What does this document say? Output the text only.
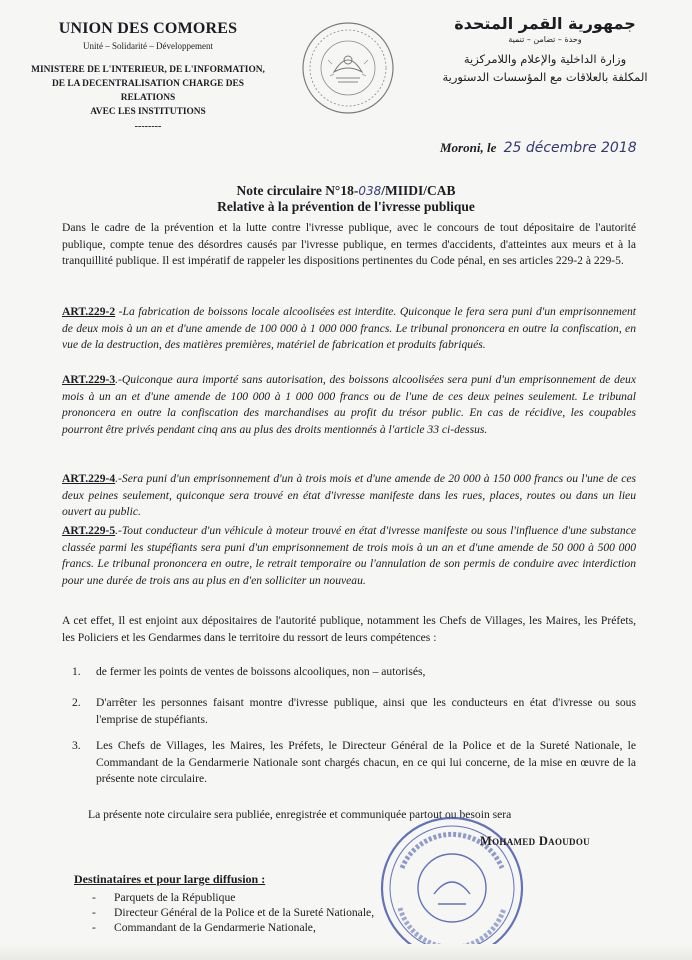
UNION DES COMORES
Unité – Solidarité – Développement
MINISTERE DE L'INTERIEUR, DE L'INFORMATION,
DE LA DECENTRALISATION CHARGE DES RELATIONS
AVEC LES INSTITUTIONS
--------
جمهورية القمر المتحدة
وحدة – تضامن – تنمية
وزارة الداخلية والإعلام واللامركزية
المكلفة بالعلاقات مع المؤسسات الدستورية
Moroni, le 25 décembre 2018
Note circulaire N°18-038/MIIDI/CAB
Relative à la prévention de l'ivresse publique
Dans le cadre de la prévention et la lutte contre l'ivresse publique, avec le concours de tout dépositaire de l'autorité publique, compte tenue des désordres causés par l'ivresse publique, en termes d'accidents, d'atteintes aux meurs et à la tranquillité publique. Il est impératif de rappeler les dispositions pertinentes du Code pénal, en ses articles 229-2 à 229-5.
ART.229-2 -La fabrication de boissons locale alcoolisées est interdite. Quiconque le fera sera puni d'un emprisonnement de deux mois à un an et d'une amende de 100 000 à 1 000 000 francs. Le tribunal prononcera en outre la confiscation, en vue de la destruction, des matières premières, matériel de fabrication et produits fabriqués.
ART.229-3.-Quiconque aura importé sans autorisation, des boissons alcoolisées sera puni d'un emprisonnement de deux mois à un an et d'une amende de 100 000 à 1 000 000 francs ou de l'une de ces deux peines seulement. Le tribunal prononcera en outre la confiscation des marchandises au profit du trésor public. En cas de récidive, les coupables pourront être privés pendant cinq ans au plus des droits mentionnés à l'article 33 ci-dessus.
ART.229-4.-Sera puni d'un emprisonnement d'un à trois mois et d'une amende de 20 000 à 150 000 francs ou l'une de ces deux peines seulement, quiconque sera trouvé en état d'ivresse manifeste dans les rues, places, routes ou dans un lieu ouvert au public.
ART.229-5.-Tout conducteur d'un véhicule à moteur trouvé en état d'ivresse manifeste ou sous l'influence d'une substance classée parmi les stupéfiants sera puni d'un emprisonnement de trois mois à un an et d'une amende de 50 000 à 500 000 francs. Le tribunal prononcera en outre, le retrait temporaire ou l'annulation de son permis de conduire avec interdiction pour une durée de trois ans au plus en d'en solliciter un nouveau.
A cet effet, Il est enjoint aux dépositaires de l'autorité publique, notamment les Chefs de Villages, les Maires, les Préfets, les Policiers et les Gendarmes dans le territoire du ressort de leurs compétences :
1.	de fermer les points de ventes de boissons alcooliques, non – autorisés,
2.	D'arrêter les personnes faisant montre d'ivresse publique, ainsi que les conducteurs en état d'ivresse ou sous l'emprise de stupéfiants.
3.	Les Chefs de Villages, les Maires, les Préfets, le Directeur Général de la Police et de la Sureté Nationale, le Commandant de la Gendarmerie Nationale sont chargés chacun, en ce qui lui concerne, de la mise en œuvre de la présente note circulaire.
La présente note circulaire sera publiée, enregistrée et communiquée partout ou besoin sera
Mohamed Daoudou
Destinataires et pour large diffusion :
-	Parquets de la République
-	Directeur Général de la Police et de la Sureté Nationale,
-	Commandant de la Gendarmerie Nationale,
